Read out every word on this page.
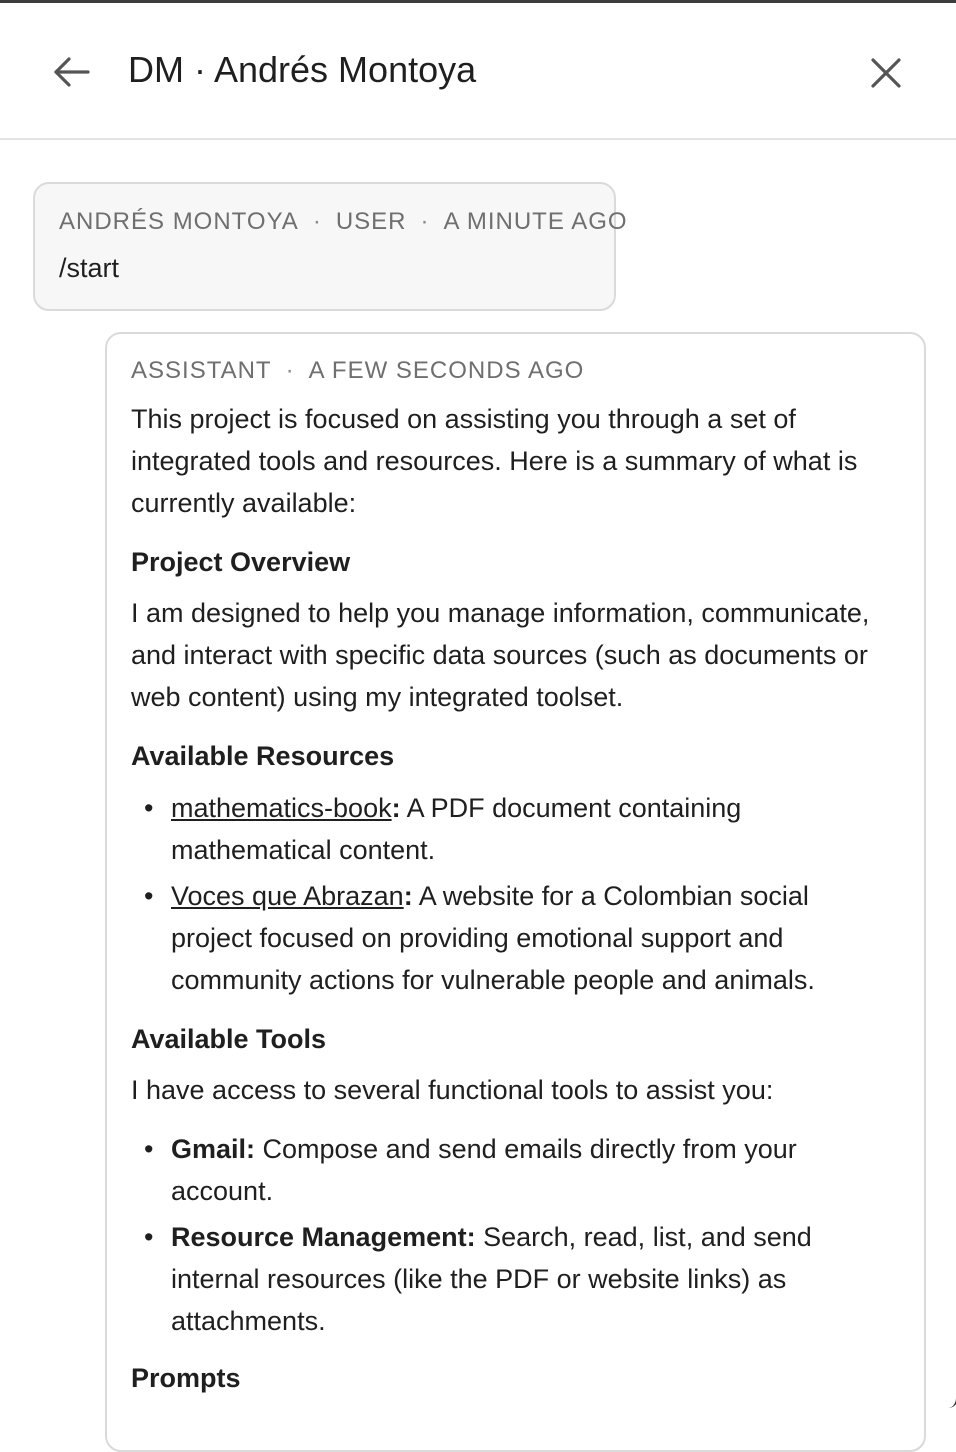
DM · Andrés Montoya
ANDRÉS MONTOYA · USER · A MINUTE AGO
/start
ASSISTANT · A FEW SECONDS AGO

This project is focused on assisting you through a set of integrated tools and resources. Here is a summary of what is currently available:

Project Overview

I am designed to help you manage information, communicate, and interact with specific data sources (such as documents or web content) using my integrated toolset.

Available Resources

• mathematics-book: A PDF document containing mathematical content.
• Voces que Abrazan: A website for a Colombian social project focused on providing emotional support and community actions for vulnerable people and animals.

Available Tools

I have access to several functional tools to assist you:

• Gmail: Compose and send emails directly from your account.
• Resource Management: Search, read, list, and send internal resources (like the PDF or website links) as attachments.

Prompts
